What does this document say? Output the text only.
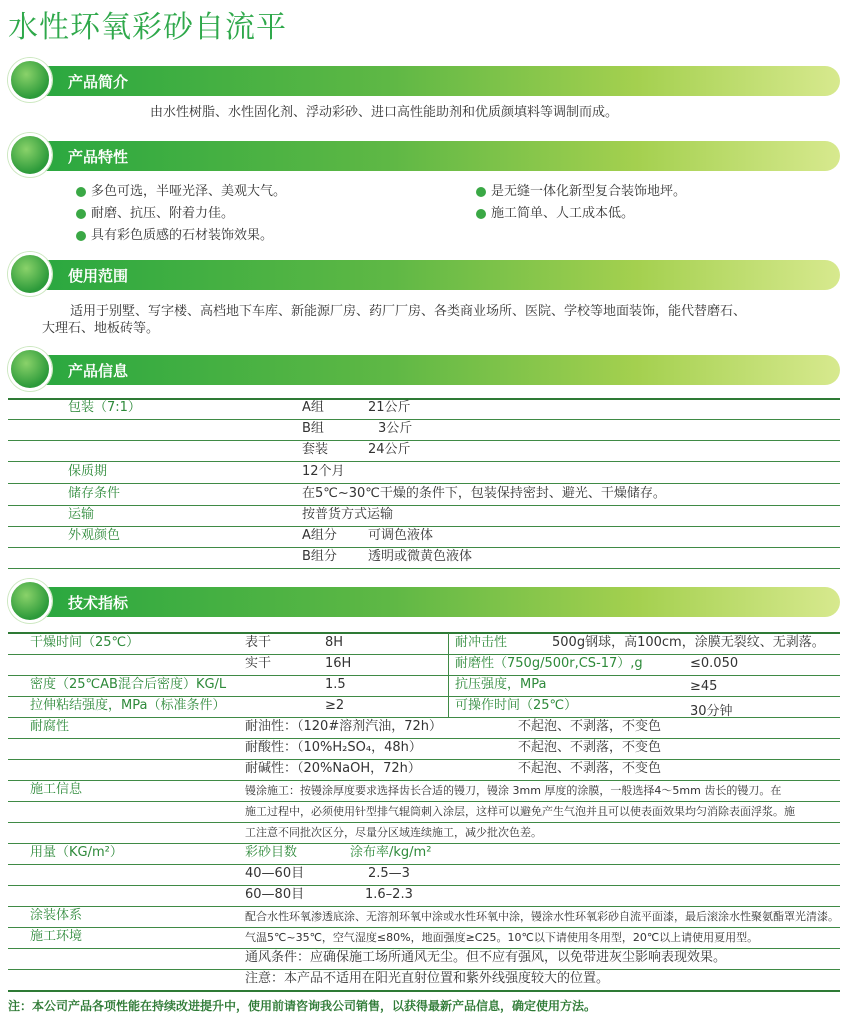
水性环氧彩砂自流平
产品简介
由水性树脂、水性固化剂、浮动彩砂、进口高性能助剂和优质颜填料等调制而成。
产品特性
多色可选，半哑光泽、美观大气。
耐磨、抗压、附着力佳。
具有彩色质感的石材装饰效果。
是无缝一体化新型复合装饰地坪。
施工简单、人工成本低。
使用范围
适用于别墅、写字楼、高档地下车库、新能源厂房、药厂厂房、各类商业场所、医院、学校等地面装饰，能代替磨石、
大理石、地板砖等。
产品信息
包装（7:1）	A组	21公斤
B组	3公斤
套装	24公斤
保质期	12个月
储存条件	在5℃~30℃干燥的条件下，包装保持密封、避光、干燥储存。
运输	按普货方式运输
外观颜色	A组分 可调色液体
B组分 透明或微黄色液体
技术指标
干燥时间（25℃）	表干	8H	耐冲击性	500g钢球，高100cm，涂膜无裂纹、无剥落。
实干	16H	耐磨性（750g/500r,CS-17）,g	≤0.050
密度（25℃AB混合后密度）KG/L	1.5	抗压强度，MPa	≥45
拉伸粘结强度，MPa（标准条件）	≥2	可操作时间（25℃）	30分钟
耐腐性	耐油性：（120#溶剂汽油，72h）	不起泡、不剥落，不变色
耐酸性：（10%H₂SO₄，48h）	不起泡、不剥落，不变色
耐碱性：（20%NaOH，72h）	不起泡、不剥落，不变色
施工信息	镘涂施工：按镘涂厚度要求选择齿长合适的镘刀，镘涂 3mm 厚度的涂膜，一般选择4～5mm 齿长的镘刀。在
施工过程中，必须使用针型排气辊筒刺入涂层，这样可以避免产生气泡并且可以使表面效果均匀消除表面浮浆。施
工注意不同批次区分，尽量分区域连续施工，减少批次色差。
用量（KG/m²）	彩砂目数	涂布率/kg/m²
40—60目	2.5—3
60—80目	1.6–2.3
涂装体系	配合水性环氧渗透底涂、无溶剂环氧中涂或水性环氧中涂，镘涂水性环氧彩砂自流平面漆，最后滚涂水性聚氨酯罩光清漆。
施工环境	气温5℃~35℃，空气湿度≤80%，地面强度≥C25。10℃以下请使用冬用型，20℃以上请使用夏用型。
通风条件：应确保施工场所通风无尘。但不应有强风，以免带进灰尘影响表现效果。
注意：本产品不适用在阳光直射位置和紫外线强度较大的位置。
注：本公司产品各项性能在持续改进提升中，使用前请咨询我公司销售，以获得最新产品信息，确定使用方法。
